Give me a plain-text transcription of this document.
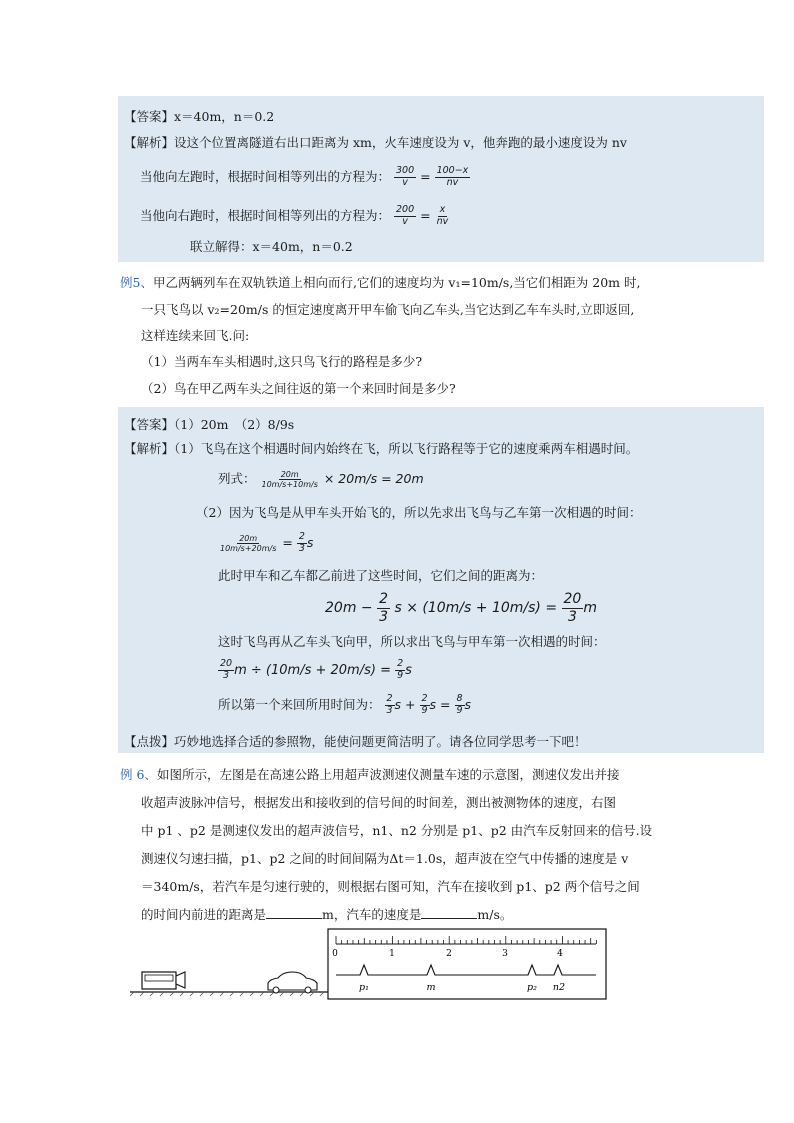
【答案】x＝40m，n＝0.2
【解析】设这个位置离隧道右出口距离为 xm，火车速度设为 v，他奔跑的最小速度设为 nv
当他向左跑时，根据时间相等列出的方程为： $\frac{300}{v} = \frac{100-x}{nv}$
当他向右跑时，根据时间相等列出的方程为： $\frac{200}{v} = \frac{x}{nv}$
联立解得：x＝40m，n＝0.2
例5、甲乙两辆列车在双轨铁道上相向而行,它们的速度均为 v₁=10m/s,当它们相距为 20m 时,
一只飞鸟以 v₂=20m/s 的恒定速度离开甲车偷飞向乙车头,当它达到乙车车头时,立即返回,
这样连续来回飞.问:
（1）当两车车头相遇时,这只鸟飞行的路程是多少?
（2）鸟在甲乙两车头之间往返的第一个来回时间是多少?
【答案】（1）20m　（2）8/9s
【解析】（1）飞鸟在这个相遇时间内始终在飞，所以飞行路程等于它的速度乘两车相遇时间。
列式： $\frac{20m}{10m/s+10m/s} \times 20m/s = 20m$
（2）因为飞鸟是从甲车头开始飞的，所以先求出飞鸟与乙车第一次相遇的时间：
$\frac{20m}{10m/s+20m/s} = \frac{2}{3}$ s
此时甲车和乙车都乙前进了这些时间，它们之间的距离为：
$20m - \frac{2}{3}$ $s \times (10m/s + 10m/s) = \frac{20}{3}$ m
这时飞鸟再从乙车头飞向甲，所以求出飞鸟与甲车第一次相遇的时间：
$\frac{20}{3}$ $m \div (10m/s + 20m/s) = \frac{2}{9}$ s
所以第一个来回所用时间为： $\frac{2}{3}$ $s + \frac{2}{9}$ $s = \frac{8}{9}$ s
【点拨】巧妙地选择合适的参照物，能使问题更简洁明了。请各位同学思考一下吧！
例 6、如图所示，左图是在高速公路上用超声波测速仪测量车速的示意图，测速仪发出并接
收超声波脉冲信号，根据发出和接收到的信号间的时间差，测出被测物体的速度，右图
中 p1 、p2 是测速仪发出的超声波信号，n1、n2 分别是 p1、p2 由汽车反射回来的信号.设
测速仪匀速扫描，p1、p2 之间的时间间隔为Δt＝1.0s，超声波在空气中传播的速度是 v
＝340m/s，若汽车是匀速行驶的，则根据右图可知，汽车在接收到 p1、p2 两个信号之间
的时间内前进的距离是	m，汽车的速度是	m/s。
0	1	2	3	4
p₁	m	p₂ n2
